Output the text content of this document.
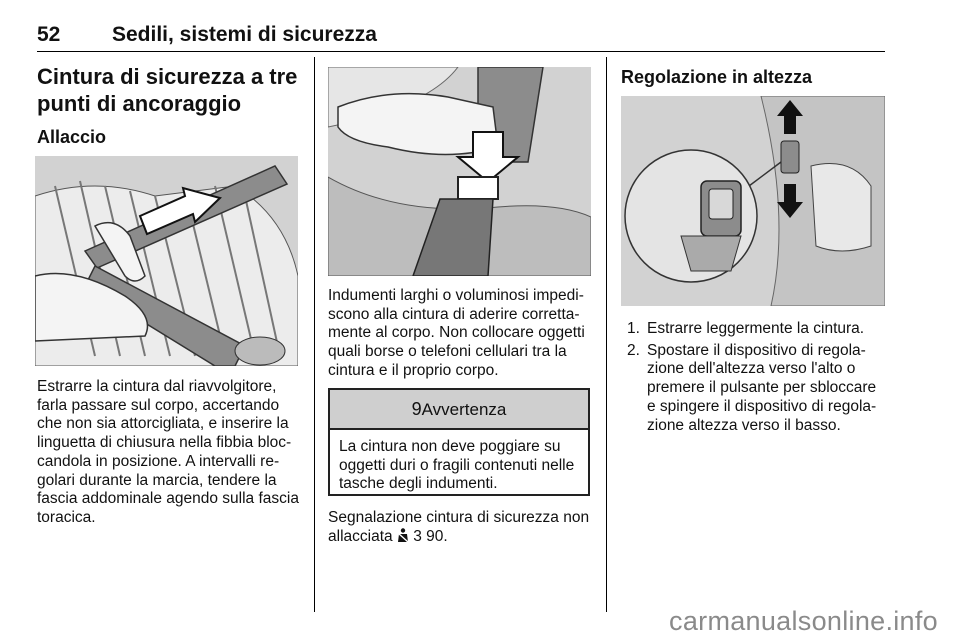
52 Sedili, sistemi di sicurezza
Cintura di sicurezza a tre punti di ancoraggio
Allaccio
Estrarre la cintura dal riavvolgitore, farla passare sul corpo, accertando che non sia attorcigliata, e inserire la linguetta di chiusura nella fibbia bloccandola in posizione. A intervalli regolari durante la marcia, tendere la fascia addominale agendo sulla fascia toracica.
Indumenti larghi o voluminosi impediscono alla cintura di aderire correttamente al corpo. Non collocare oggetti quali borse o telefoni cellulari tra la cintura e il proprio corpo.
9Avvertenza
La cintura non deve poggiare su oggetti duri o fragili contenuti nelle tasche degli indumenti.
Segnalazione cintura di sicurezza non allacciata 3 90.
Regolazione in altezza
1. Estrarre leggermente la cintura.
2. Spostare il dispositivo di regolazione dell'altezza verso l'alto o premere il pulsante per sbloccare e spingere il dispositivo di regolazione altezza verso il basso.
carmanualsonline.info
